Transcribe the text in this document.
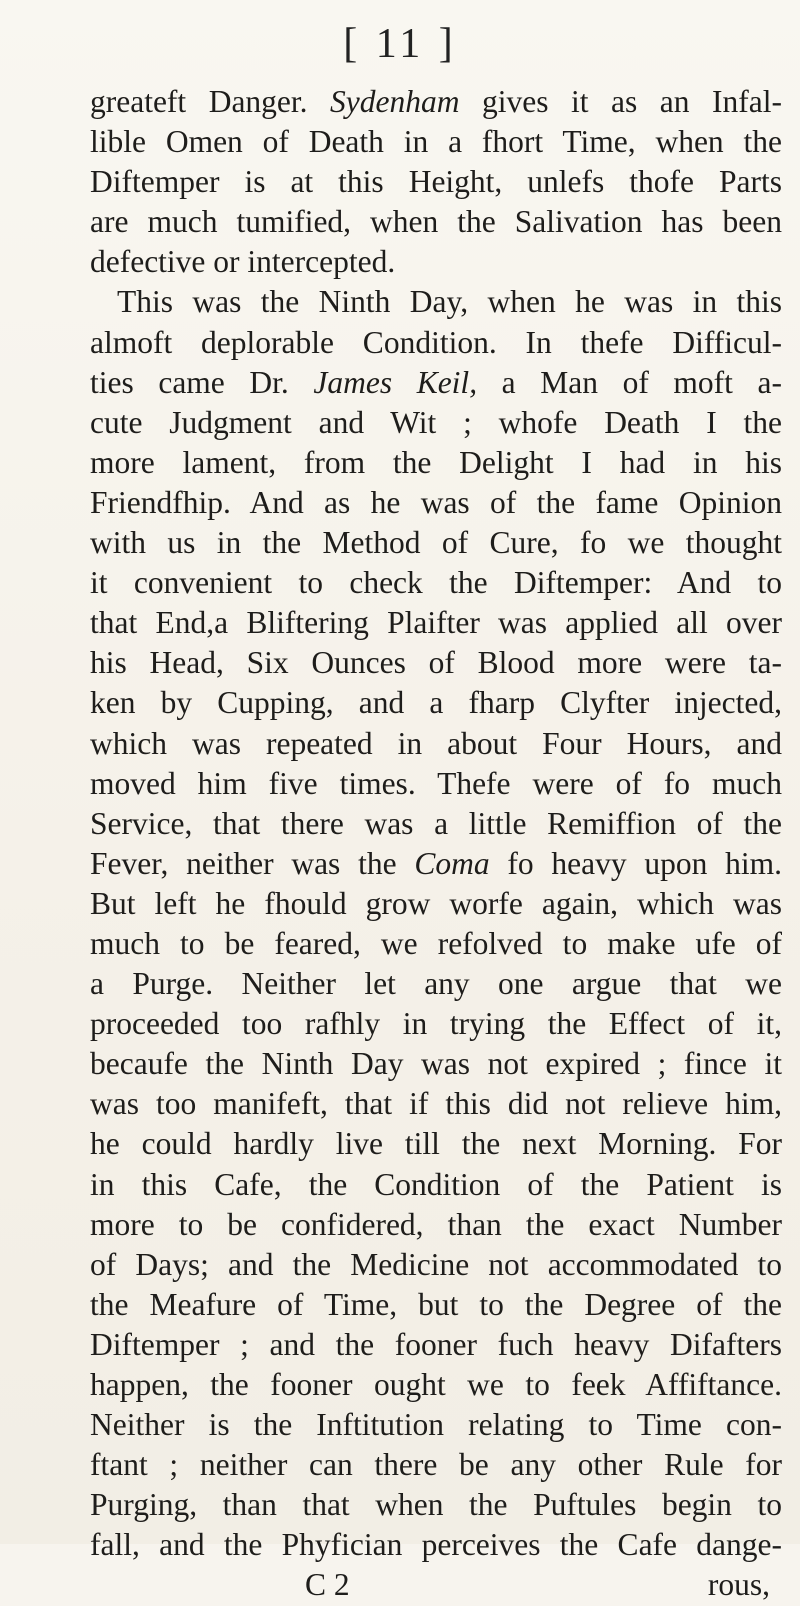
[ 11 ]
greateft Danger. Sydenham gives it as an Infal-
lible Omen of Death in a fhort Time, when the
Diftemper is at this Height, unlefs thofe Parts
are much tumified, when the Salivation has been
defective or intercepted.
This was the Ninth Day, when he was in this
almoft deplorable Condition. In thefe Difficul-
ties came Dr. James Keil, a Man of moft a-
cute Judgment and Wit ; whofe Death I the
more lament, from the Delight I had in his
Friendfhip. And as he was of the fame Opinion
with us in the Method of Cure, fo we thought
it convenient to check the Diftemper: And to
that End,a Bliftering Plaifter was applied all over
his Head, Six Ounces of Blood more were ta-
ken by Cupping, and a fharp Clyfter injected,
which was repeated in about Four Hours, and
moved him five times. Thefe were of fo much
Service, that there was a little Remiffion of the
Fever, neither was the Coma fo heavy upon him.
But left he fhould grow worfe again, which was
much to be feared, we refolved to make ufe of
a Purge. Neither let any one argue that we
proceeded too rafhly in trying the Effect of it,
becaufe the Ninth Day was not expired ; fince it
was too manifeft, that if this did not relieve him,
he could hardly live till the next Morning. For
in this Cafe, the Condition of the Patient is
more to be confidered, than the exact Number
of Days; and the Medicine not accommodated to
the Meafure of Time, but to the Degree of the
Diftemper ; and the fooner fuch heavy Difafters
happen, the fooner ought we to feek Affiftance.
Neither is the Inftitution relating to Time con-
ftant ; neither can there be any other Rule for
Purging, than that when the Puftules begin to
fall, and the Phyfician perceives the Cafe dange-
C 2	rous,
